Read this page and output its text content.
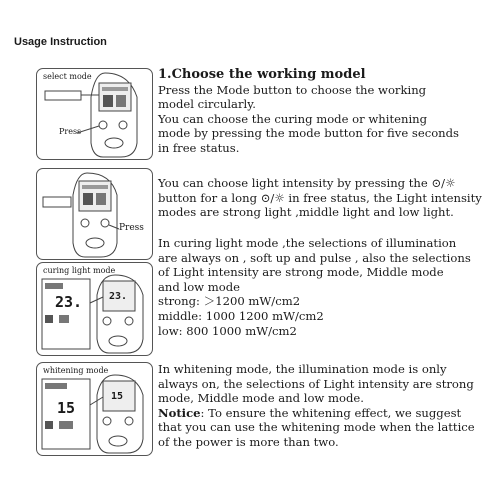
Usage Instruction
select mode
Press
Press
curing light mode
23.	23.
whitening mode
15
15
1.Choose the working model
Press the Mode button to choose the working
model circularly.
You can choose the curing mode or whitening
mode by pressing the mode button for five seconds
in free status.
You can choose light intensity by pressing the ⊙/☼
button for a long ⊙/☼ in free status, the Light intensity
modes are strong light ,middle light and low light.
In curing light mode ,the selections of illumination
are always on , soft up and pulse , also the selections
of Light intensity are strong mode, Middle mode
and low mode
strong: ＞1200 mW/cm2
middle: 1000 1200 mW/cm2
low: 800 1000 mW/cm2
In whitening mode, the illumination mode is only
always on, the selections of Light intensity are strong
mode, Middle mode and low mode.
Notice: To ensure the whitening effect, we suggest
that you can use the whitening mode when the lattice
of the power is more than two.
